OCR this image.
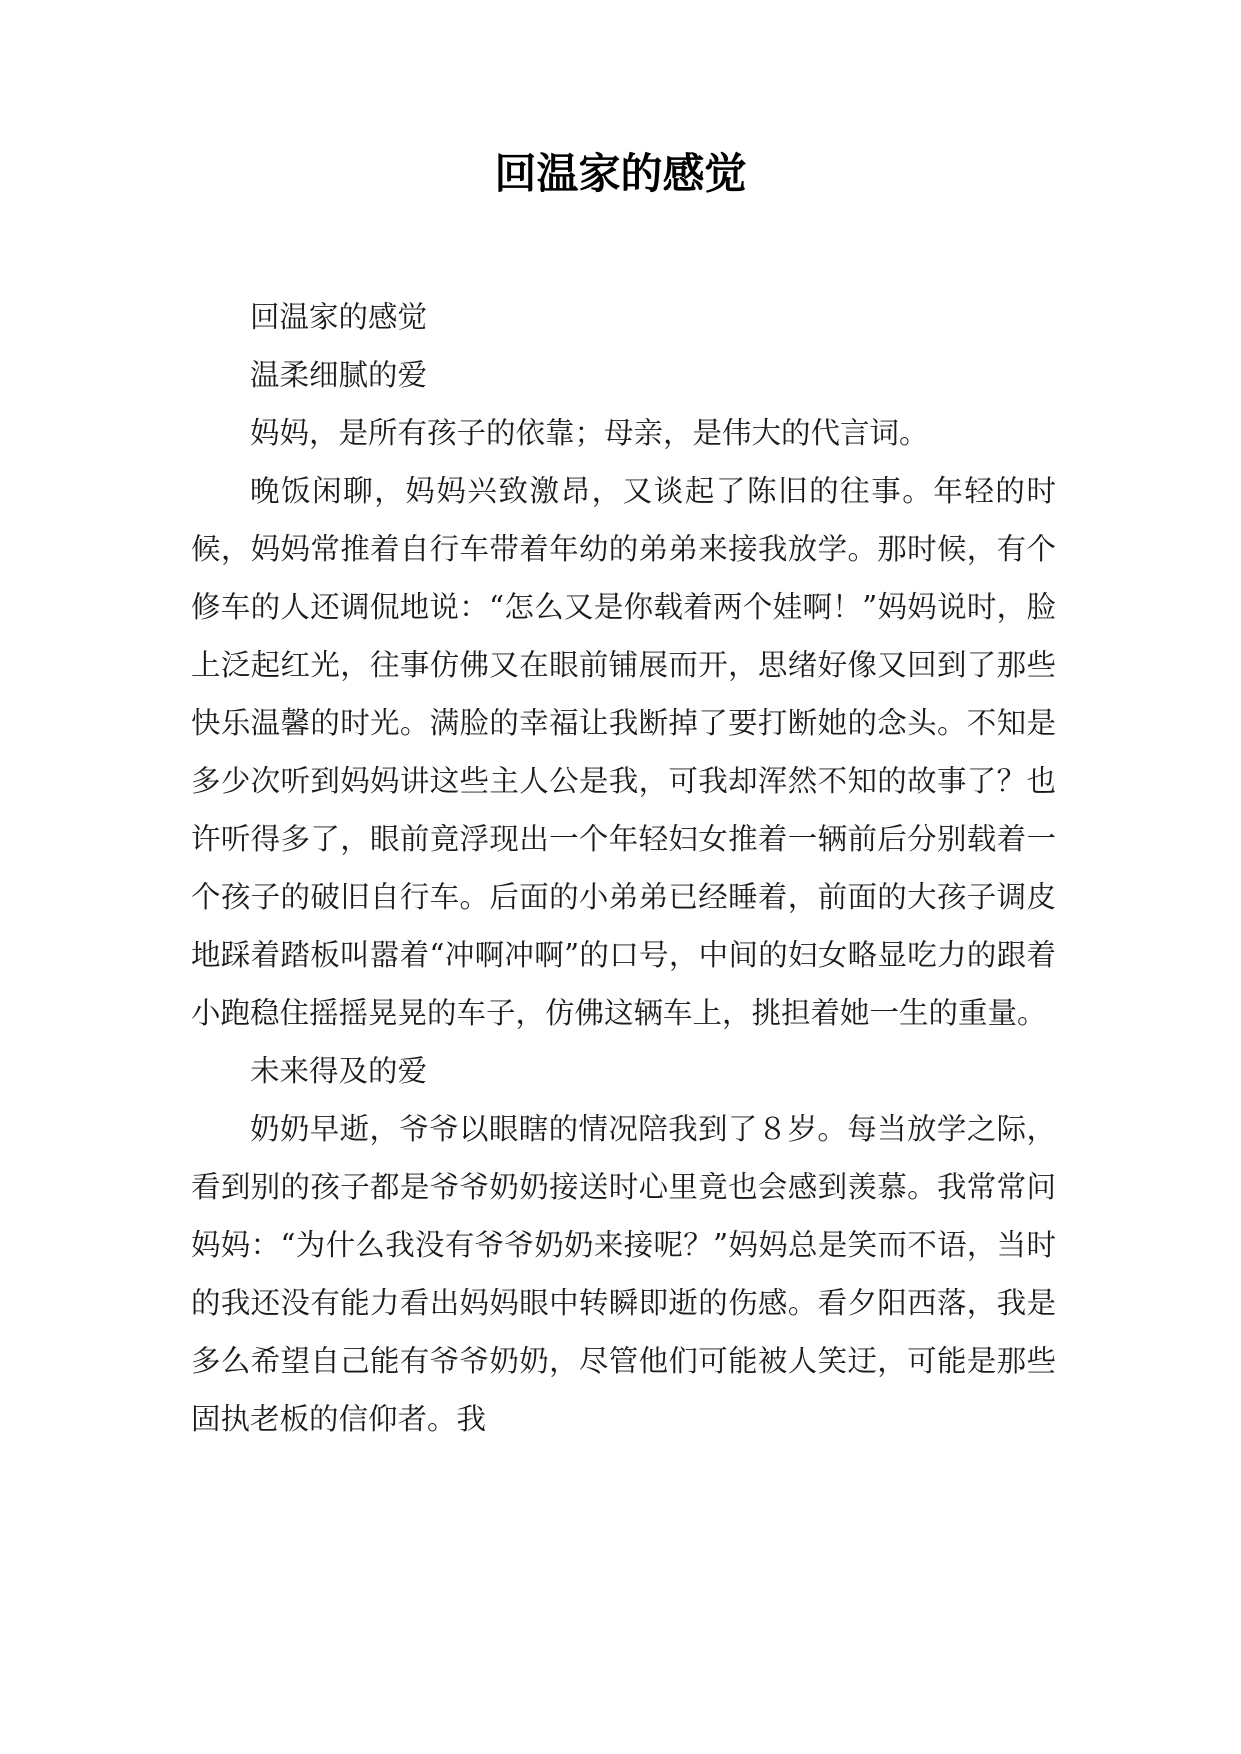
回温家的感觉

回温家的感觉

温柔细腻的爱

妈妈，是所有孩子的依靠；母亲，是伟大的代言词。

晚饭闲聊，妈妈兴致激昂，又谈起了陈旧的往事。年轻的时候，妈妈常推着自行车带着年幼的弟弟来接我放学。那时候，有个修车的人还调侃地说：“怎么又是你载着两个娃啊！”妈妈说时，脸上泛起红光，往事仿佛又在眼前铺展而开，思绪好像又回到了那些快乐温馨的时光。满脸的幸福让我断掉了要打断她的念头。不知是多少次听到妈妈讲这些主人公是我，可我却浑然不知的故事了？也许听得多了，眼前竟浮现出一个年轻妇女推着一辆前后分别载着一个孩子的破旧自行车。后面的小弟弟已经睡着，前面的大孩子调皮地踩着踏板叫嚣着“冲啊冲啊”的口号，中间的妇女略显吃力的跟着小跑稳住摇摇晃晃的车子，仿佛这辆车上，挑担着她一生的重量。

未来得及的爱

奶奶早逝，爷爷以眼瞎的情况陪我到了８岁。每当放学之际，看到别的孩子都是爷爷奶奶接送时心里竟也会感到羡慕。我常常问妈妈：“为什么我没有爷爷奶奶来接呢？”妈妈总是笑而不语，当时的我还没有能力看出妈妈眼中转瞬即逝的伤感。看夕阳西落，我是多么希望自己能有爷爷奶奶，尽管他们可能被人笑迂，可能是那些固执老板的信仰者。我
